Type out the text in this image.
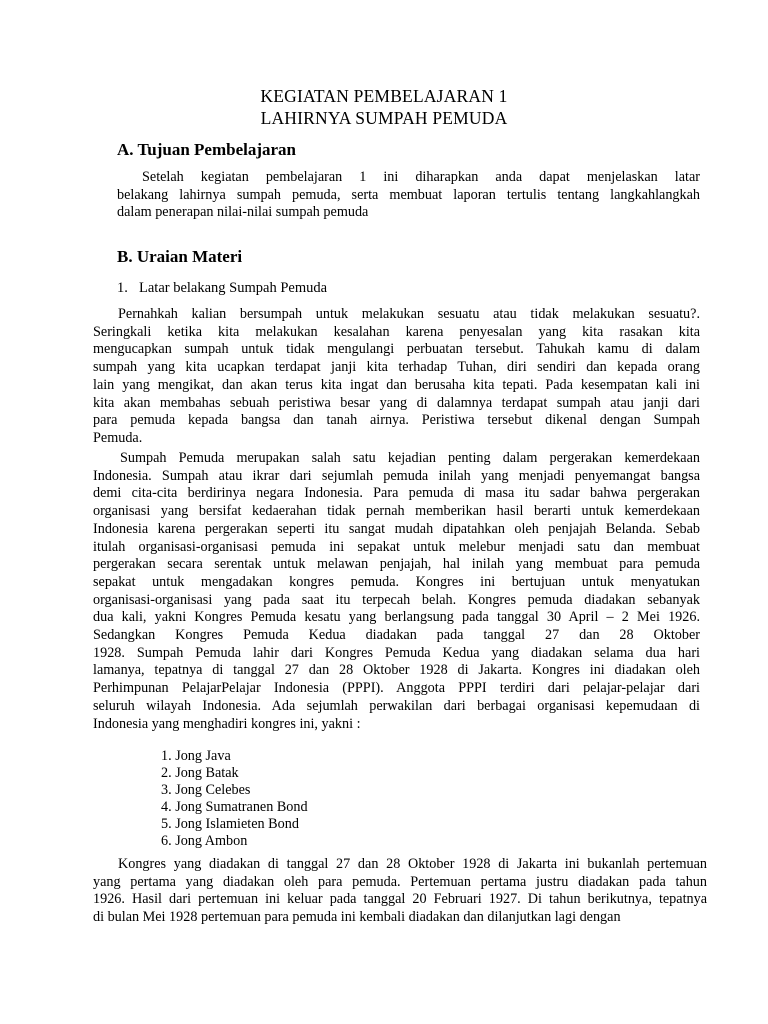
KEGIATAN PEMBELAJARAN 1
LAHIRNYA SUMPAH PEMUDA
A. Tujuan Pembelajaran

Setelah kegiatan pembelajaran 1 ini diharapkan anda dapat menjelaskan latar
belakang lahirnya sumpah pemuda, serta membuat laporan tertulis tentang langkahlangkah
dalam penerapan nilai-nilai sumpah pemuda

B. Uraian Materi
1. Latar belakang Sumpah Pemuda

Pernahkah kalian bersumpah untuk melakukan sesuatu atau tidak melakukan sesuatu?.
Seringkali ketika kita melakukan kesalahan karena penyesalan yang kita rasakan kita
mengucapkan sumpah untuk tidak mengulangi perbuatan tersebut. Tahukah kamu di dalam
sumpah yang kita ucapkan terdapat janji kita terhadap Tuhan, diri sendiri dan kepada orang
lain yang mengikat, dan akan terus kita ingat dan berusaha kita tepati. Pada kesempatan kali ini
kita akan membahas sebuah peristiwa besar yang di dalamnya terdapat sumpah atau janji dari
para pemuda kepada bangsa dan tanah airnya. Peristiwa tersebut dikenal dengan Sumpah
Pemuda.

Sumpah Pemuda merupakan salah satu kejadian penting dalam pergerakan kemerdekaan
Indonesia. Sumpah atau ikrar dari sejumlah pemuda inilah yang menjadi penyemangat bangsa
demi cita-cita berdirinya negara Indonesia. Para pemuda di masa itu sadar bahwa pergerakan
organisasi yang bersifat kedaerahan tidak pernah memberikan hasil berarti untuk kemerdekaan
Indonesia karena pergerakan seperti itu sangat mudah dipatahkan oleh penjajah Belanda. Sebab
itulah organisasi-organisasi pemuda ini sepakat untuk melebur menjadi satu dan membuat
pergerakan secara serentak untuk melawan penjajah, hal inilah yang membuat para pemuda
sepakat untuk mengadakan kongres pemuda. Kongres ini bertujuan untuk menyatukan
organisasi-organisasi yang pada saat itu terpecah belah. Kongres pemuda diadakan sebanyak
dua kali, yakni Kongres Pemuda kesatu yang berlangsung pada tanggal 30 April – 2 Mei 1926.
Sedangkan Kongres Pemuda Kedua diadakan pada tanggal 27 dan 28 Oktober
1928. Sumpah Pemuda lahir dari Kongres Pemuda Kedua yang diadakan selama dua hari
lamanya, tepatnya di tanggal 27 dan 28 Oktober 1928 di Jakarta. Kongres ini diadakan oleh
Perhimpunan PelajarPelajar Indonesia (PPPI). Anggota PPPI terdiri dari pelajar-pelajar dari
seluruh wilayah Indonesia. Ada sejumlah perwakilan dari berbagai organisasi kepemudaan di
Indonesia yang menghadiri kongres ini, yakni :

1. Jong Java
2. Jong Batak
3. Jong Celebes
4. Jong Sumatranen Bond
5. Jong Islamieten Bond
6. Jong Ambon

Kongres yang diadakan di tanggal 27 dan 28 Oktober 1928 di Jakarta ini bukanlah pertemuan
yang pertama yang diadakan oleh para pemuda. Pertemuan pertama justru diadakan pada tahun
1926. Hasil dari pertemuan ini keluar pada tanggal 20 Februari 1927. Di tahun berikutnya, tepatnya
di bulan Mei 1928 pertemuan para pemuda ini kembali diadakan dan dilanjutkan lagi dengan
